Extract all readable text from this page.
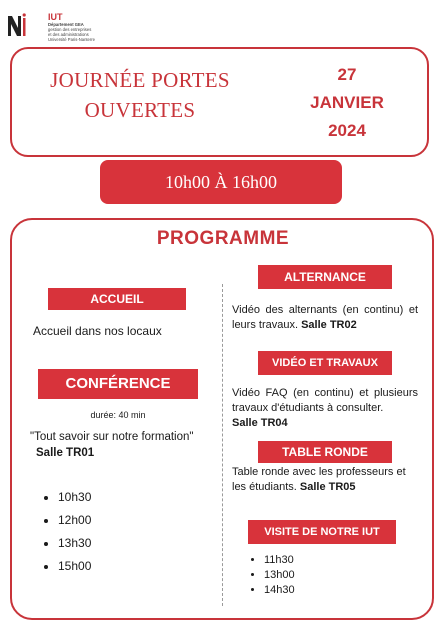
IUT
Département GEA
gestion des entreprises
et des administrations
Université Paris-Nanterre
JOURNÉE PORTES OUVERTES
27
JANVIER
2024
10h00 À 16h00
PROGRAMME
ACCUEIL
Accueil dans nos locaux
CONFÉRENCE
durée: 40 min
"Tout savoir sur notre formation"
Salle TR01
• 10h30
• 12h00
• 13h30
• 15h00
ALTERNANCE
Vidéo des alternants (en continu) et leurs travaux. Salle TR02
VIDÉO ET TRAVAUX
Vidéo FAQ (en continu) et plusieurs travaux d'étudiants à consulter.
Salle TR04
TABLE RONDE
Table ronde avec les professeurs et les étudiants. Salle TR05
VISITE DE NOTRE IUT
• 11h30
• 13h00
• 14h30
